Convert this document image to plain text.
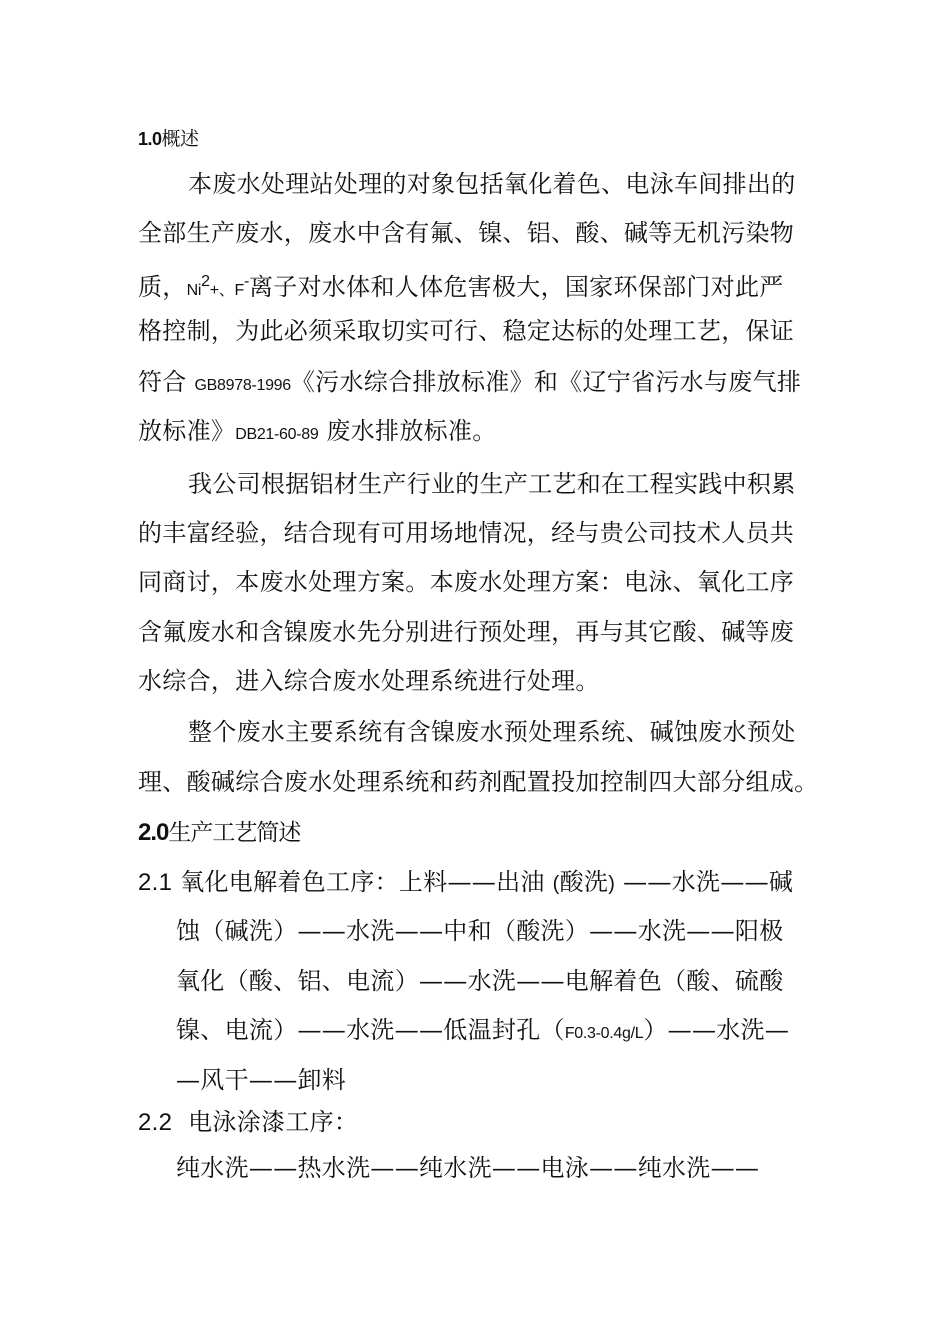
1.0概述
本废水处理站处理的对象包括氧化着色、电泳车间排出的
全部生产废水，废水中含有氟、镍、铝、酸、碱等无机污染物
质，$Ni^2+$、F-离子对水体和人体危害极大，国家环保部门对此严
格控制，为此必须采取切实可行、稳定达标的处理工艺，保证
符合 GB8978-1996《污水综合排放标准》和《辽宁省污水与废气排
放标准》DB21-60-89 废水排放标准。
我公司根据铝材生产行业的生产工艺和在工程实践中积累
的丰富经验，结合现有可用场地情况，经与贵公司技术人员共
同商讨，本废水处理方案。本废水处理方案：电泳、氧化工序
含氟废水和含镍废水先分别进行预处理，再与其它酸、碱等废
水综合，进入综合废水处理系统进行处理。
整个废水主要系统有含镍废水预处理系统、碱蚀废水预处
理、酸碱综合废水处理系统和药剂配置投加控制四大部分组成。
2.0生产工艺简述
2.1 氧化电解着色工序：上料——出油 (酸洗) ——水洗——碱
蚀（碱洗）——水洗——中和（酸洗）——水洗——阳极
氧化（酸、铝、电流）——水洗——电解着色（酸、硫酸
镍、电流）——水洗——低温封孔（F0.3-0.4g/L）——水洗—
—风干——卸料
2.2 电泳涂漆工序：
纯水洗——热水洗——纯水洗——电泳——纯水洗——
